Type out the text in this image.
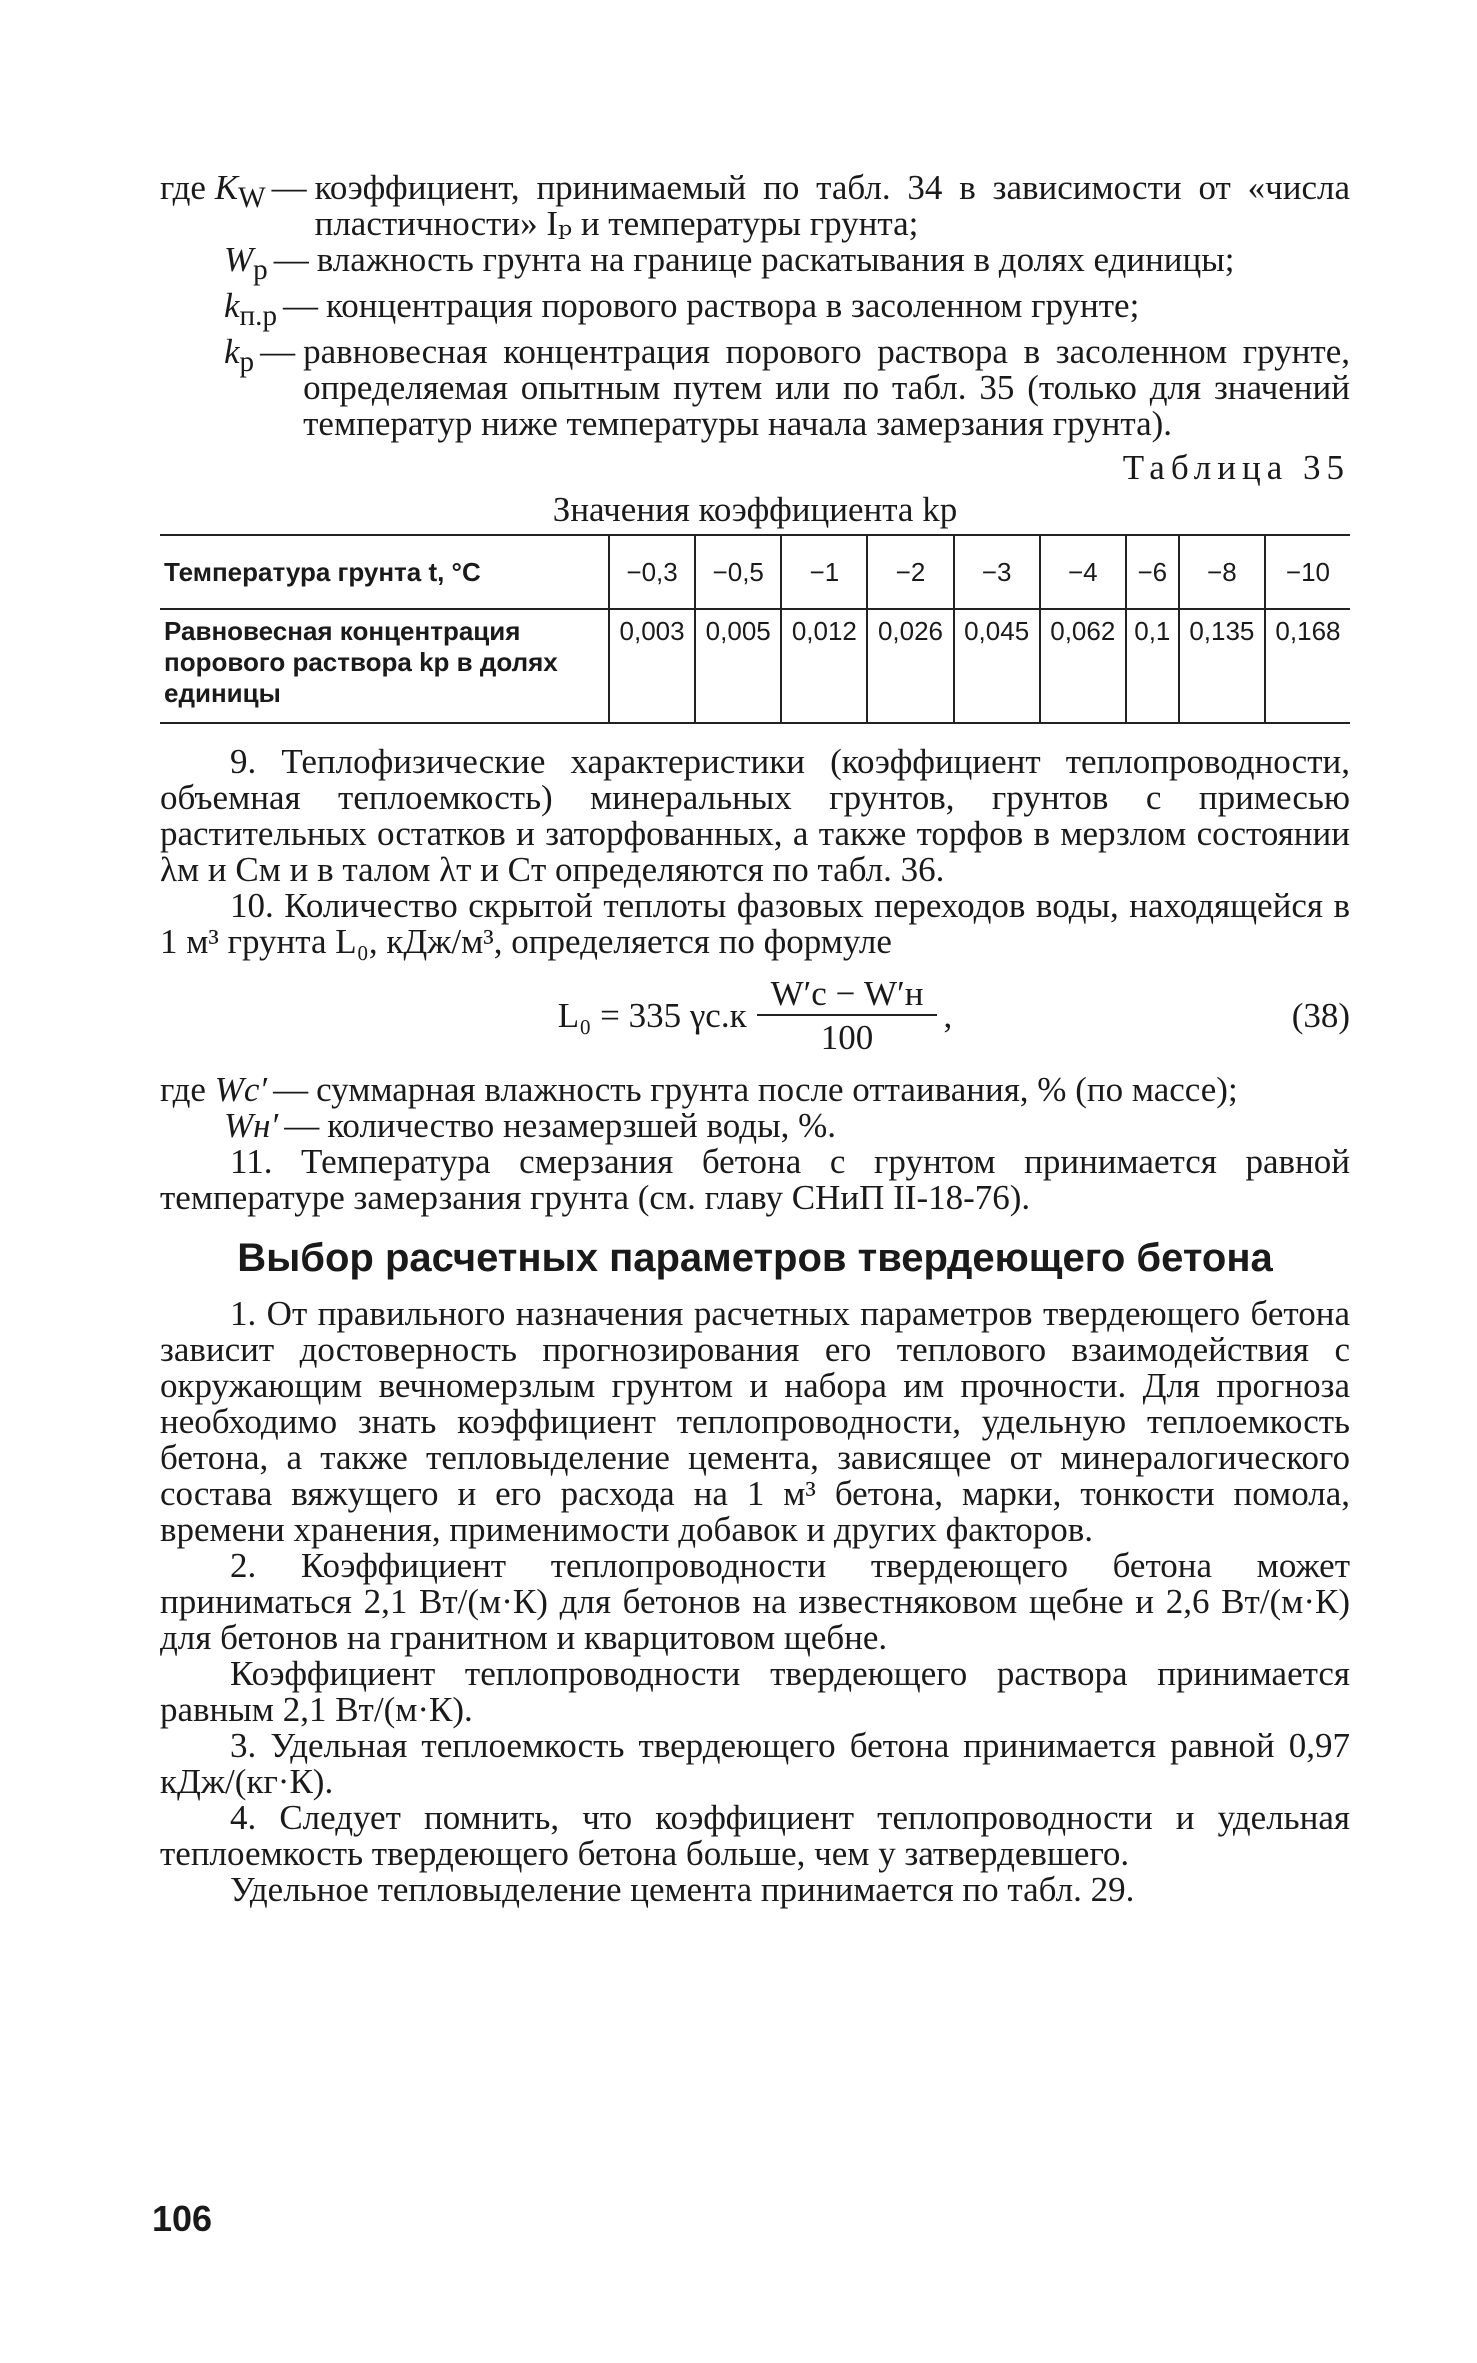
где $K_W$ — коэффициент, принимаемый по табл. 34 в зависимости от «числа пластичности» Iₚ и температуры грунта;
$W_р$ — влажность грунта на границе раскатывания в долях единицы;
$k_{п.р}$ — концентрация порового раствора в засоленном грунте;
$k_р$ — равновесная концентрация порового раствора в засоленном грунте, определяемая опытным путем или по табл. 35 (только для значений температур ниже температуры начала замерзания грунта).
Таблица 35
Значения коэффициента kр
Температура грунта t, °С	−0,3	−0,5	−1	−2	−3	−4	−6	−8	−10
Равновесная концентрация порового раствора kр в долях единицы	0,003	0,005	0,012	0,026	0,045	0,062	0,1	0,135	0,168

9. Теплофизические характеристики (коэффициент теплопроводности, объемная теплоемкость) минеральных грунтов, грунтов с примесью растительных остатков и заторфованных, а также торфов в мерзлом состоянии λм и Cм и в талом λт и Cт определяются по табл. 36.

10. Количество скрытой теплоты фазовых переходов воды, находящейся в 1 м³ грунта L₀, кДж/м³, определяется по формуле

L₀ = 335 $\gamma с.к \frac{W'с - W'н}{100}$ ,	(38)
где Wс′ — суммарная влажность грунта после оттаивания, % (по массе);
Wн′ — количество незамерзшей воды, %.

11. Температура смерзания бетона с грунтом принимается равной температуре замерзания грунта (см. главу СНиП II-18-76).

Выбор расчетных параметров твердеющего бетона

1. От правильного назначения расчетных параметров твердеющего бетона зависит достоверность прогнозирования его теплового взаимодействия с окружающим вечномерзлым грунтом и набора им прочности. Для прогноза необходимо знать коэффициент теплопроводности, удельную теплоемкость бетона, а также тепловыделение цемента, зависящее от минералогического состава вяжущего и его расхода на 1 м³ бетона, марки, тонкости помола, времени хранения, применимости добавок и других факторов.

2. Коэффициент теплопроводности твердеющего бетона может приниматься 2,1 Вт/(м·К) для бетонов на известняковом щебне и 2,6 Вт/(м·К) для бетонов на гранитном и кварцитовом щебне.

Коэффициент теплопроводности твердеющего раствора принимается равным 2,1 Вт/(м·К).

3. Удельная теплоемкость твердеющего бетона принимается равной 0,97 кДж/(кг·К).

4. Следует помнить, что коэффициент теплопроводности и удельная теплоемкость твердеющего бетона больше, чем у затвердевшего.

Удельное тепловыделение цемента принимается по табл. 29.

106
